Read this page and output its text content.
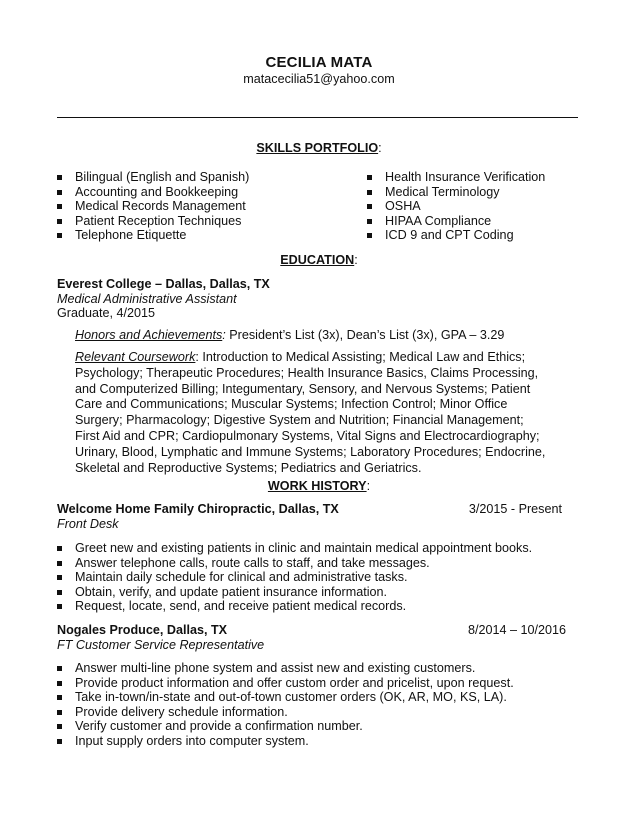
CECILIA MATA
matacecilia51@yahoo.com
SKILLS PORTFOLIO:
Bilingual (English and Spanish)
Accounting and Bookkeeping
Medical Records Management
Patient Reception Techniques
Telephone Etiquette
Health Insurance Verification
Medical Terminology
OSHA
HIPAA Compliance
ICD 9 and CPT Coding
EDUCATION:
Everest College – Dallas, Dallas, TX
Medical Administrative Assistant
Graduate, 4/2015
Honors and Achievements: President’s List (3x), Dean’s List (3x), GPA – 3.29
Relevant Coursework: Introduction to Medical Assisting; Medical Law and Ethics;
Psychology; Therapeutic Procedures; Health Insurance Basics, Claims Processing,
and Computerized Billing; Integumentary, Sensory, and Nervous Systems; Patient
Care and Communications; Muscular Systems; Infection Control; Minor Office
Surgery; Pharmacology; Digestive System and Nutrition; Financial Management;
First Aid and CPR; Cardiopulmonary Systems, Vital Signs and Electrocardiography;
Urinary, Blood, Lymphatic and Immune Systems; Laboratory Procedures; Endocrine,
Skeletal and Reproductive Systems; Pediatrics and Geriatrics.
WORK HISTORY:
Welcome Home Family Chiropractic, Dallas, TX	3/2015 - Present
Front Desk
Greet new and existing patients in clinic and maintain medical appointment books.
Answer telephone calls, route calls to staff, and take messages.
Maintain daily schedule for clinical and administrative tasks.
Obtain, verify, and update patient insurance information.
Request, locate, send, and receive patient medical records.
Nogales Produce, Dallas, TX	8/2014 – 10/2016
FT Customer Service Representative
Answer multi-line phone system and assist new and existing customers.
Provide product information and offer custom order and pricelist, upon request.
Take in-town/in-state and out-of-town customer orders (OK, AR, MO, KS, LA).
Provide delivery schedule information.
Verify customer and provide a confirmation number.
Input supply orders into computer system.
